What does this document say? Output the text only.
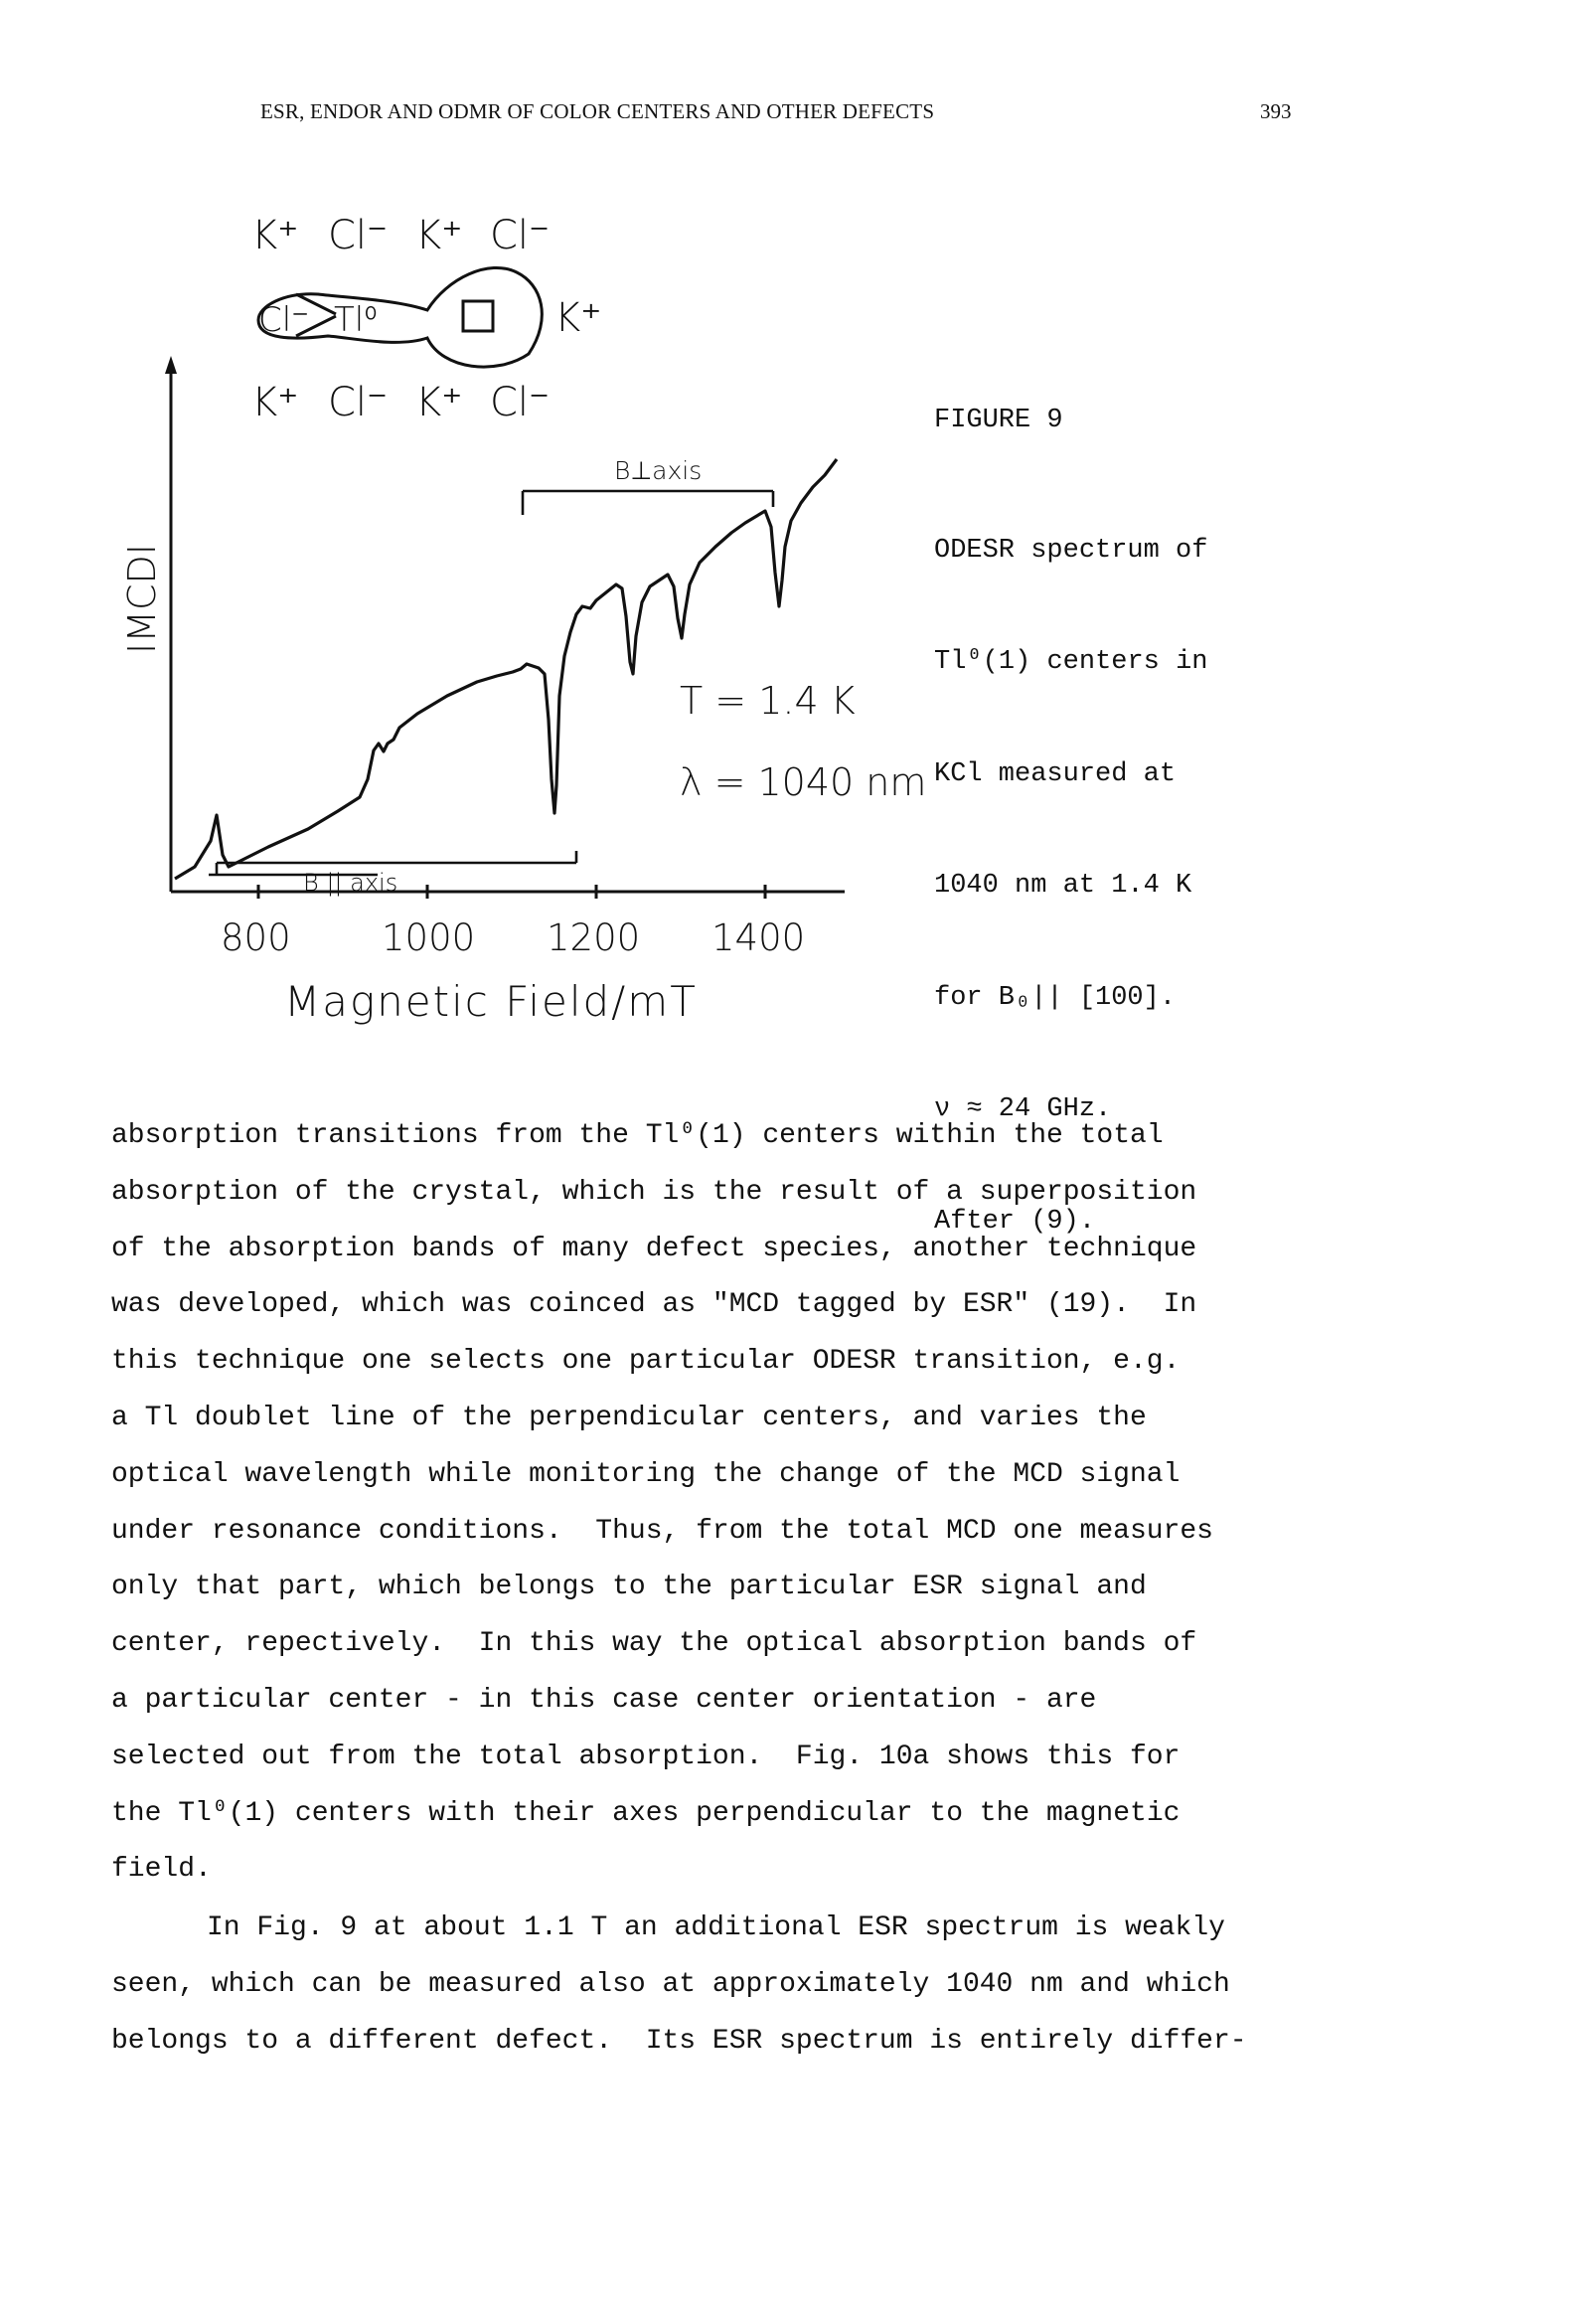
ESR, ENDOR AND ODMR OF COLOR CENTERS AND OTHER DEFECTS	393
K⁺ Cl⁻ K⁺ Cl⁻
Cl⁻ Tl⁰	K⁺
K⁺ Cl⁻ K⁺ Cl⁻
IMCDI
B⊥axis
B || axis
T = 1.4 K
λ = 1040 nm
800 1000 1200 1400
Magnetic Field/mT

FIGURE 9

ODESR spectrum of

Tl⁰(1) centers in

KCl measured at

1040 nm at 1.4 K

for B₀|| [100].

ν ≈ 24 GHz.

After (9).

absorption transitions from the Tl⁰(1) centers within the total
absorption of the crystal, which is the result of a superposition
of the absorption bands of many defect species, another technique
was developed, which was coinced as "MCD tagged by ESR" (19).  In
this technique one selects one particular ODESR transition, e.g.
a Tl doublet line of the perpendicular centers, and varies the
optical wavelength while monitoring the change of the MCD signal
under resonance conditions.  Thus, from the total MCD one measures
only that part, which belongs to the particular ESR signal and
center, repectively.  In this way the optical absorption bands of
a particular center - in this case center orientation - are
selected out from the total absorption.  Fig. 10a shows this for
the Tl⁰(1) centers with their axes perpendicular to the magnetic
field.
In Fig. 9 at about 1.1 T an additional ESR spectrum is weakly
seen, which can be measured also at approximately 1040 nm and which
belongs to a different defect.  Its ESR spectrum is entirely differ-
